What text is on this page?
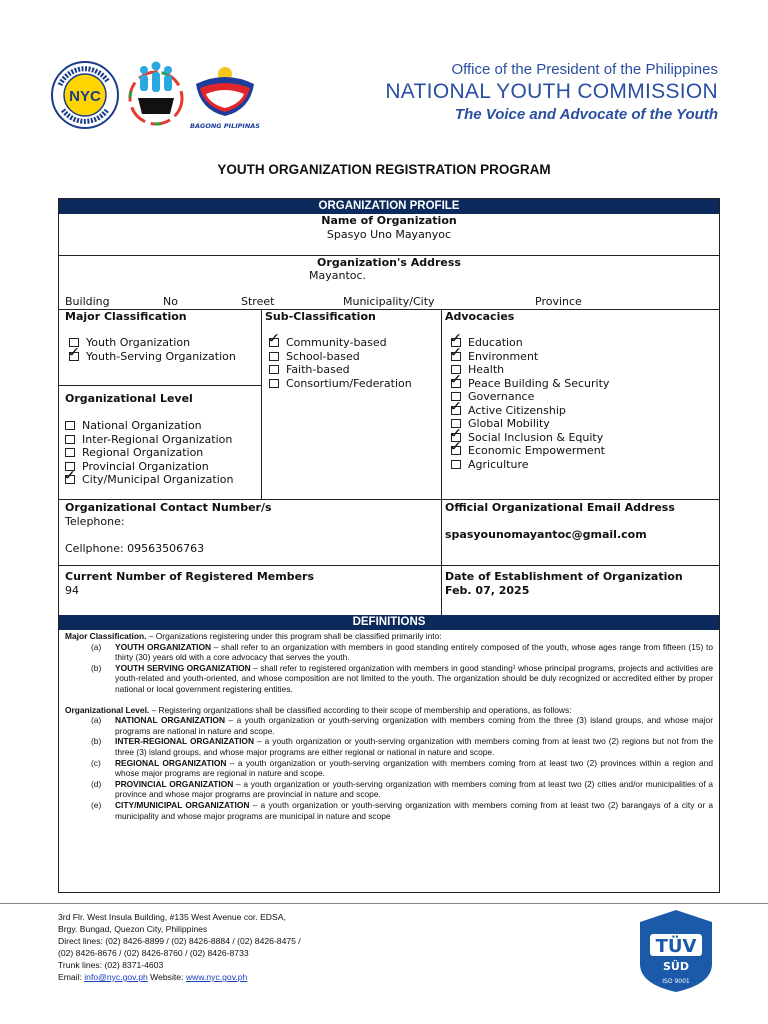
NYC
BAGONG PILIPINAS
Office of the President of the Philippines
NATIONAL YOUTH COMMISSION
The Voice and Advocate of the Youth
YOUTH ORGANIZATION REGISTRATION PROGRAM
ORGANIZATION PROFILE
Name of Organization
Spasyo Uno Mayanyoc
Organization's Address
Mayantoc.
Building	No	Street	Municipality/City	Province
Major Classification
Youth Organization
✓
Youth-Serving Organization
Organizational Level
National Organization
Inter-Regional Organization
Regional Organization
Provincial Organization
✓
City/Municipal Organization
Sub-Classification
✓
Community-based
School-based
Faith-based
Consortium/Federation
Advocacies
✓
Education
✓
Environment
Health
✓
Peace Building & Security
Governance
✓
Active Citizenship
Global Mobility
✓
Social Inclusion & Equity
✓
Economic Empowerment
Agriculture
Organizational Contact Number/s
Telephone:
Cellphone: 09563506763
Official Organizational Email Address
spasyounomayantoc@gmail.com
Current Number of Registered Members
94
Date of Establishment of Organization
Feb. 07, 2025
DEFINITIONS
Major Classification. – Organizations registering under this program shall be classified primarily into:
(a)	YOUTH ORGANIZATION – shall refer to an organization with members in good standing entirely composed of the youth, whose ages range from fifteen (15) to thirty (30) years old with a core advocacy that serves the youth.
(b)	YOUTH SERVING ORGANIZATION – shall refer to registered organization with members in good standing¹ whose principal programs, projects and activities are youth-related and youth-oriented, and whose composition are not limited to the youth. The organization should be duly recognized or accredited either by proper national or local government registering entities.
Organizational Level. – Registering organizations shall be classified according to their scope of membership and operations, as follows:
(a)	NATIONAL ORGANIZATION – a youth organization or youth-serving organization with members coming from the three (3) island groups, and whose major programs are national in nature and scope.
(b)	INTER-REGIONAL ORGANIZATION – a youth organization or youth-serving organization with members coming from at least two (2) regions but not from the three (3) island groups, and whose major programs are either regional or national in nature and scope.
(c)	REGIONAL ORGANIZATION – a youth organization or youth-serving organization with members coming from at least two (2) provinces within a region and whose major programs are regional in nature and scope.
(d)	PROVINCIAL ORGANIZATION – a youth organization or youth-serving organization with members coming from at least two (2) cities and/or municipalities of a province and whose major programs are provincial in nature and scope.
(e)	CITY/MUNICIPAL ORGANIZATION – a youth organization or youth-serving organization with members coming from at least two (2) barangays of a city or a municipality and whose major programs are municipal in nature and scope
3rd Flr. West Insula Building, #135 West Avenue cor. EDSA,
Brgy. Bungad, Quezon City, Philippines
Direct lines: (02) 8426-8899 / (02) 8426-8884 / (02) 8426-8475 /
(02) 8426-8676 / (02) 8426-8760 / (02) 8426-8733
Trunk lines: (02) 8371-4603
Email: info@nyc.gov.ph Website: www.nyc.gov.ph
TÜV
SÜD
ISO 9001
